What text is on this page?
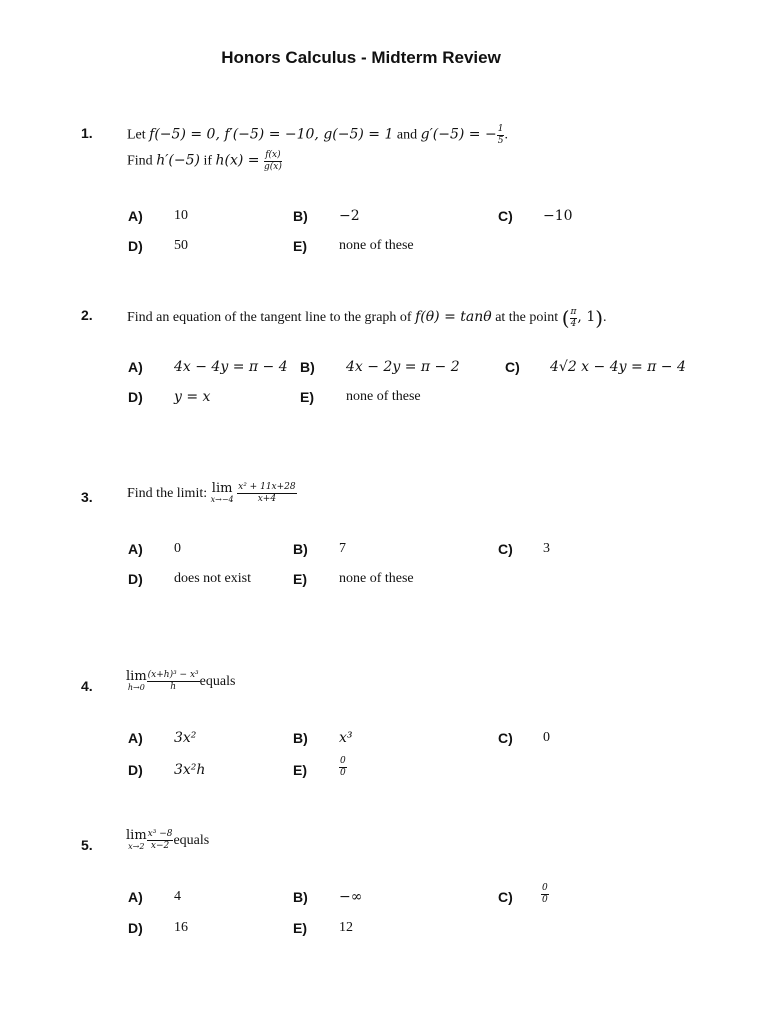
Honors Calculus - Midterm Review
1. Let f(−5) = 0, f′(−5) = −10, g(−5) = 1 and g′(−5) = − $\frac{1}{5}$ .
Find h′(−5) if $h(x) = \frac{f(x)}{g(x)}$
A) 10	B) −2	C) −10
D) 50	E) none of these
2. Find an equation of the tangent line to the graph of f(θ) = tanθ at the point ( $\frac{\pi}{4}$ , 1).
A) 4x − 4y = π − 4 B) 4x − 2y = π − 2	C) 4√2 x − 4y = π − 4
D) y = x	E) none of these
3. Find the limit: lim
x→−4
$\frac{\text{x² + 11x+28}}{x+4}$
A) 0	B) 7	C) 3
D) does not exist	E) none of these
4.
lim
$h\to 0 \frac{\text{(x+h)³ − x³}}{h}$ equals
A) 3x²	B) x³	C) 0
D) 3x²h	E)	$\frac{0}{0}$
5.
lim
$x\to 2 \frac{\text{x³ −8}}{x-2}$ equals
A) 4	B) −∞	C)	$\frac{0}{0}$
D) 16	E) 12
